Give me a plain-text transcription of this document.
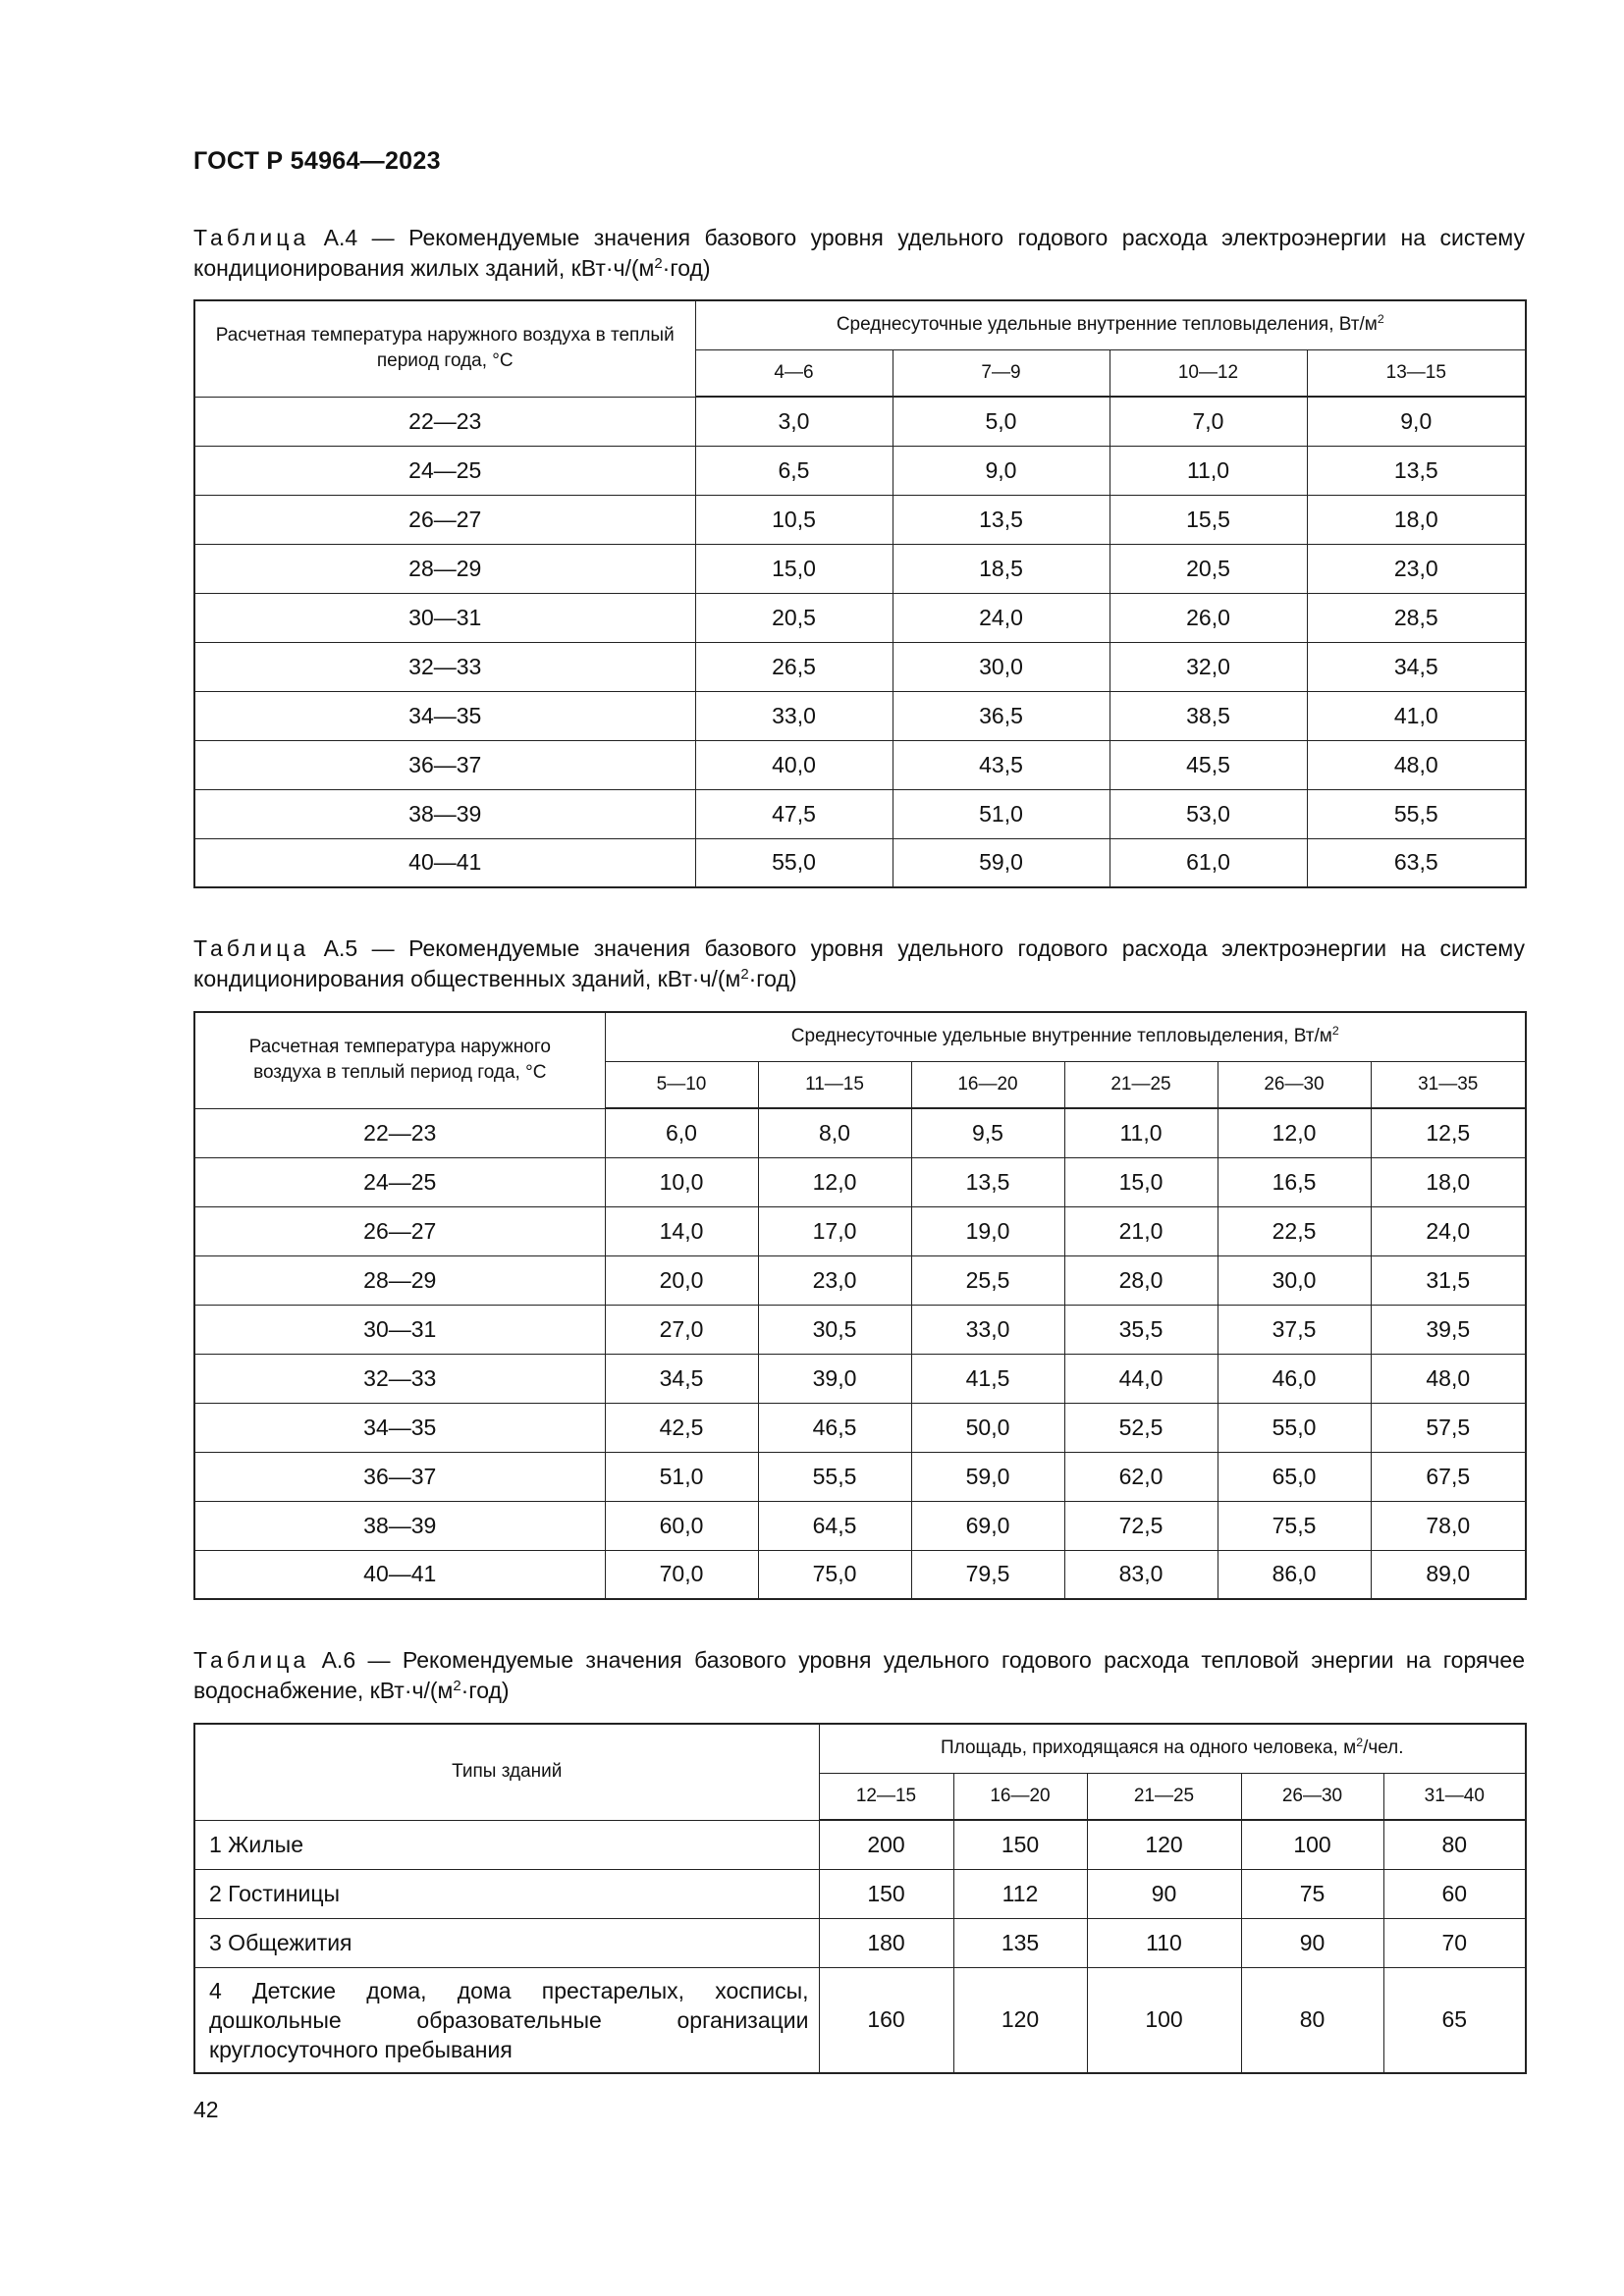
ГОСТ Р 54964—2023
Таблица А.4 — Рекомендуемые значения базового уровня удельного годового расхода электроэнергии на систему кондиционирования жилых зданий, $кВт\cdot ч/(м^2\cdot год)$
Расчетная температура наружного воздуха в теплый период года, °С	Среднесуточные удельные внутренние тепловыделения, $Вт/м^2$
	4—6	7—9	10—12	13—15
22—23	3,0	5,0	7,0	9,0
24—25	6,5	9,0	11,0	13,5
26—27	10,5	13,5	15,5	18,0
28—29	15,0	18,5	20,5	23,0
30—31	20,5	24,0	26,0	28,5
32—33	26,5	30,0	32,0	34,5
34—35	33,0	36,5	38,5	41,0
36—37	40,0	43,5	45,5	48,0
38—39	47,5	51,0	53,0	55,5
40—41	55,0	59,0	61,0	63,5
Таблица А.5 — Рекомендуемые значения базового уровня удельного годового расхода электроэнергии на систему кондиционирования общественных зданий, $кВт\cdot ч/(м^2\cdot год)$
Расчетная температура наружного воздуха в теплый период года, °С	Среднесуточные удельные внутренние тепловыделения, $Вт/м^2$
	5—10	11—15	16—20	21—25	26—30	31—35
22—23	6,0	8,0	9,5	11,0	12,0	12,5
24—25	10,0	12,0	13,5	15,0	16,5	18,0
26—27	14,0	17,0	19,0	21,0	22,5	24,0
28—29	20,0	23,0	25,5	28,0	30,0	31,5
30—31	27,0	30,5	33,0	35,5	37,5	39,5
32—33	34,5	39,0	41,5	44,0	46,0	48,0
34—35	42,5	46,5	50,0	52,5	55,0	57,5
36—37	51,0	55,5	59,0	62,0	65,0	67,5
38—39	60,0	64,5	69,0	72,5	75,5	78,0
40—41	70,0	75,0	79,5	83,0	86,0	89,0
Таблица А.6 — Рекомендуемые значения базового уровня удельного годового расхода тепловой энергии на горячее водоснабжение, $кВт\cdot ч/(м^2\cdot год)$
Типы зданий	Площадь, приходящаяся на одного человека, $м^2$/чел.				
	12—15	16—20	21—25	26—30	31—40
1 Жилые	200	150	120	100	80
2 Гостиницы	150	112	90	75	60
3 Общежития	180	135	110	90	70
4 Детские дома, дома престарелых, хосписы, дошкольные образовательные организации круглосуточного пребывания	160	120	100	80	65
42
